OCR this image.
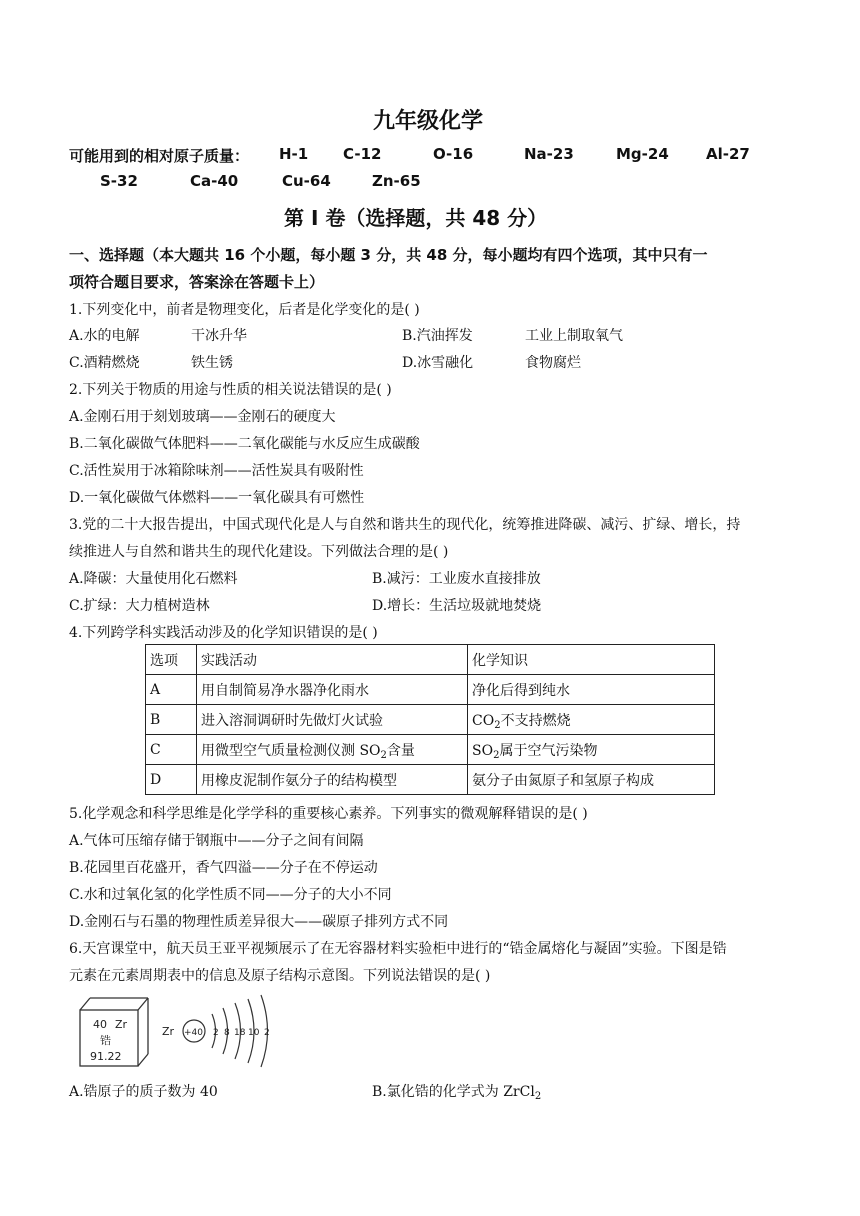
九年级化学
可能用到的相对原子质量： H-1 C-12	O-16	Na-23	Mg-24 Al-27
S-32	Ca-40	Cu-64	Zn-65
第 I 卷（选择题，共 48 分）
一、选择题（本大题共 16 个小题，每小题 3 分，共 48 分，每小题均有四个选项，其中只有一
项符合题目要求，答案涂在答题卡上）
1.下列变化中，前者是物理变化，后者是化学变化的是( )
A.水的电解	干冰升华	B.汽油挥发	工业上制取氧气
C.酒精燃烧	铁生锈	D.冰雪融化	食物腐烂
2.下列关于物质的用途与性质的相关说法错误的是( )
A.金刚石用于刻划玻璃——金刚石的硬度大
B.二氧化碳做气体肥料——二氧化碳能与水反应生成碳酸
C.活性炭用于冰箱除味剂——活性炭具有吸附性
D.一氧化碳做气体燃料——一氧化碳具有可燃性
3.党的二十大报告提出，中国式现代化是人与自然和谐共生的现代化，统筹推进降碳、减污、扩绿、增长，持
续推进人与自然和谐共生的现代化建设。下列做法合理的是( )
A.降碳：大量使用化石燃料	B.减污：工业废水直接排放
C.扩绿：大力植树造林	D.增长：生活垃圾就地焚烧
4.下列跨学科实践活动涉及的化学知识错误的是( )
选项	实践活动	化学知识
A	用自制简易净水器净化雨水	净化后得到纯水
B	进入溶洞调研时先做灯火试验	$CO_2$不支持燃烧
C	用微型空气质量检测仪测 $SO_2$含量	$SO_2$属于空气污染物
D	用橡皮泥制作氨分子的结构模型	氨分子由氮原子和氢原子构成
5.化学观念和科学思维是化学学科的重要核心素养。下列事实的微观解释错误的是( )
A.气体可压缩存储于钢瓶中——分子之间有间隔
B.花园里百花盛开，香气四溢——分子在不停运动
C.水和过氧化氢的化学性质不同——分子的大小不同
D.金刚石与石墨的物理性质差异很大——碳原子排列方式不同
6.天宫课堂中，航天员王亚平视频展示了在无容器材料实验柜中进行的“锆金属熔化与凝固”实验。下图是锆
元素在元素周期表中的信息及原子结构示意图。下列说法错误的是( )
40 Zr
锆
91.22
Zr +40 2 8 18 10 2
A.锆原子的质子数为 40	B.氯化锆的化学式为 ZrCl$_2$
